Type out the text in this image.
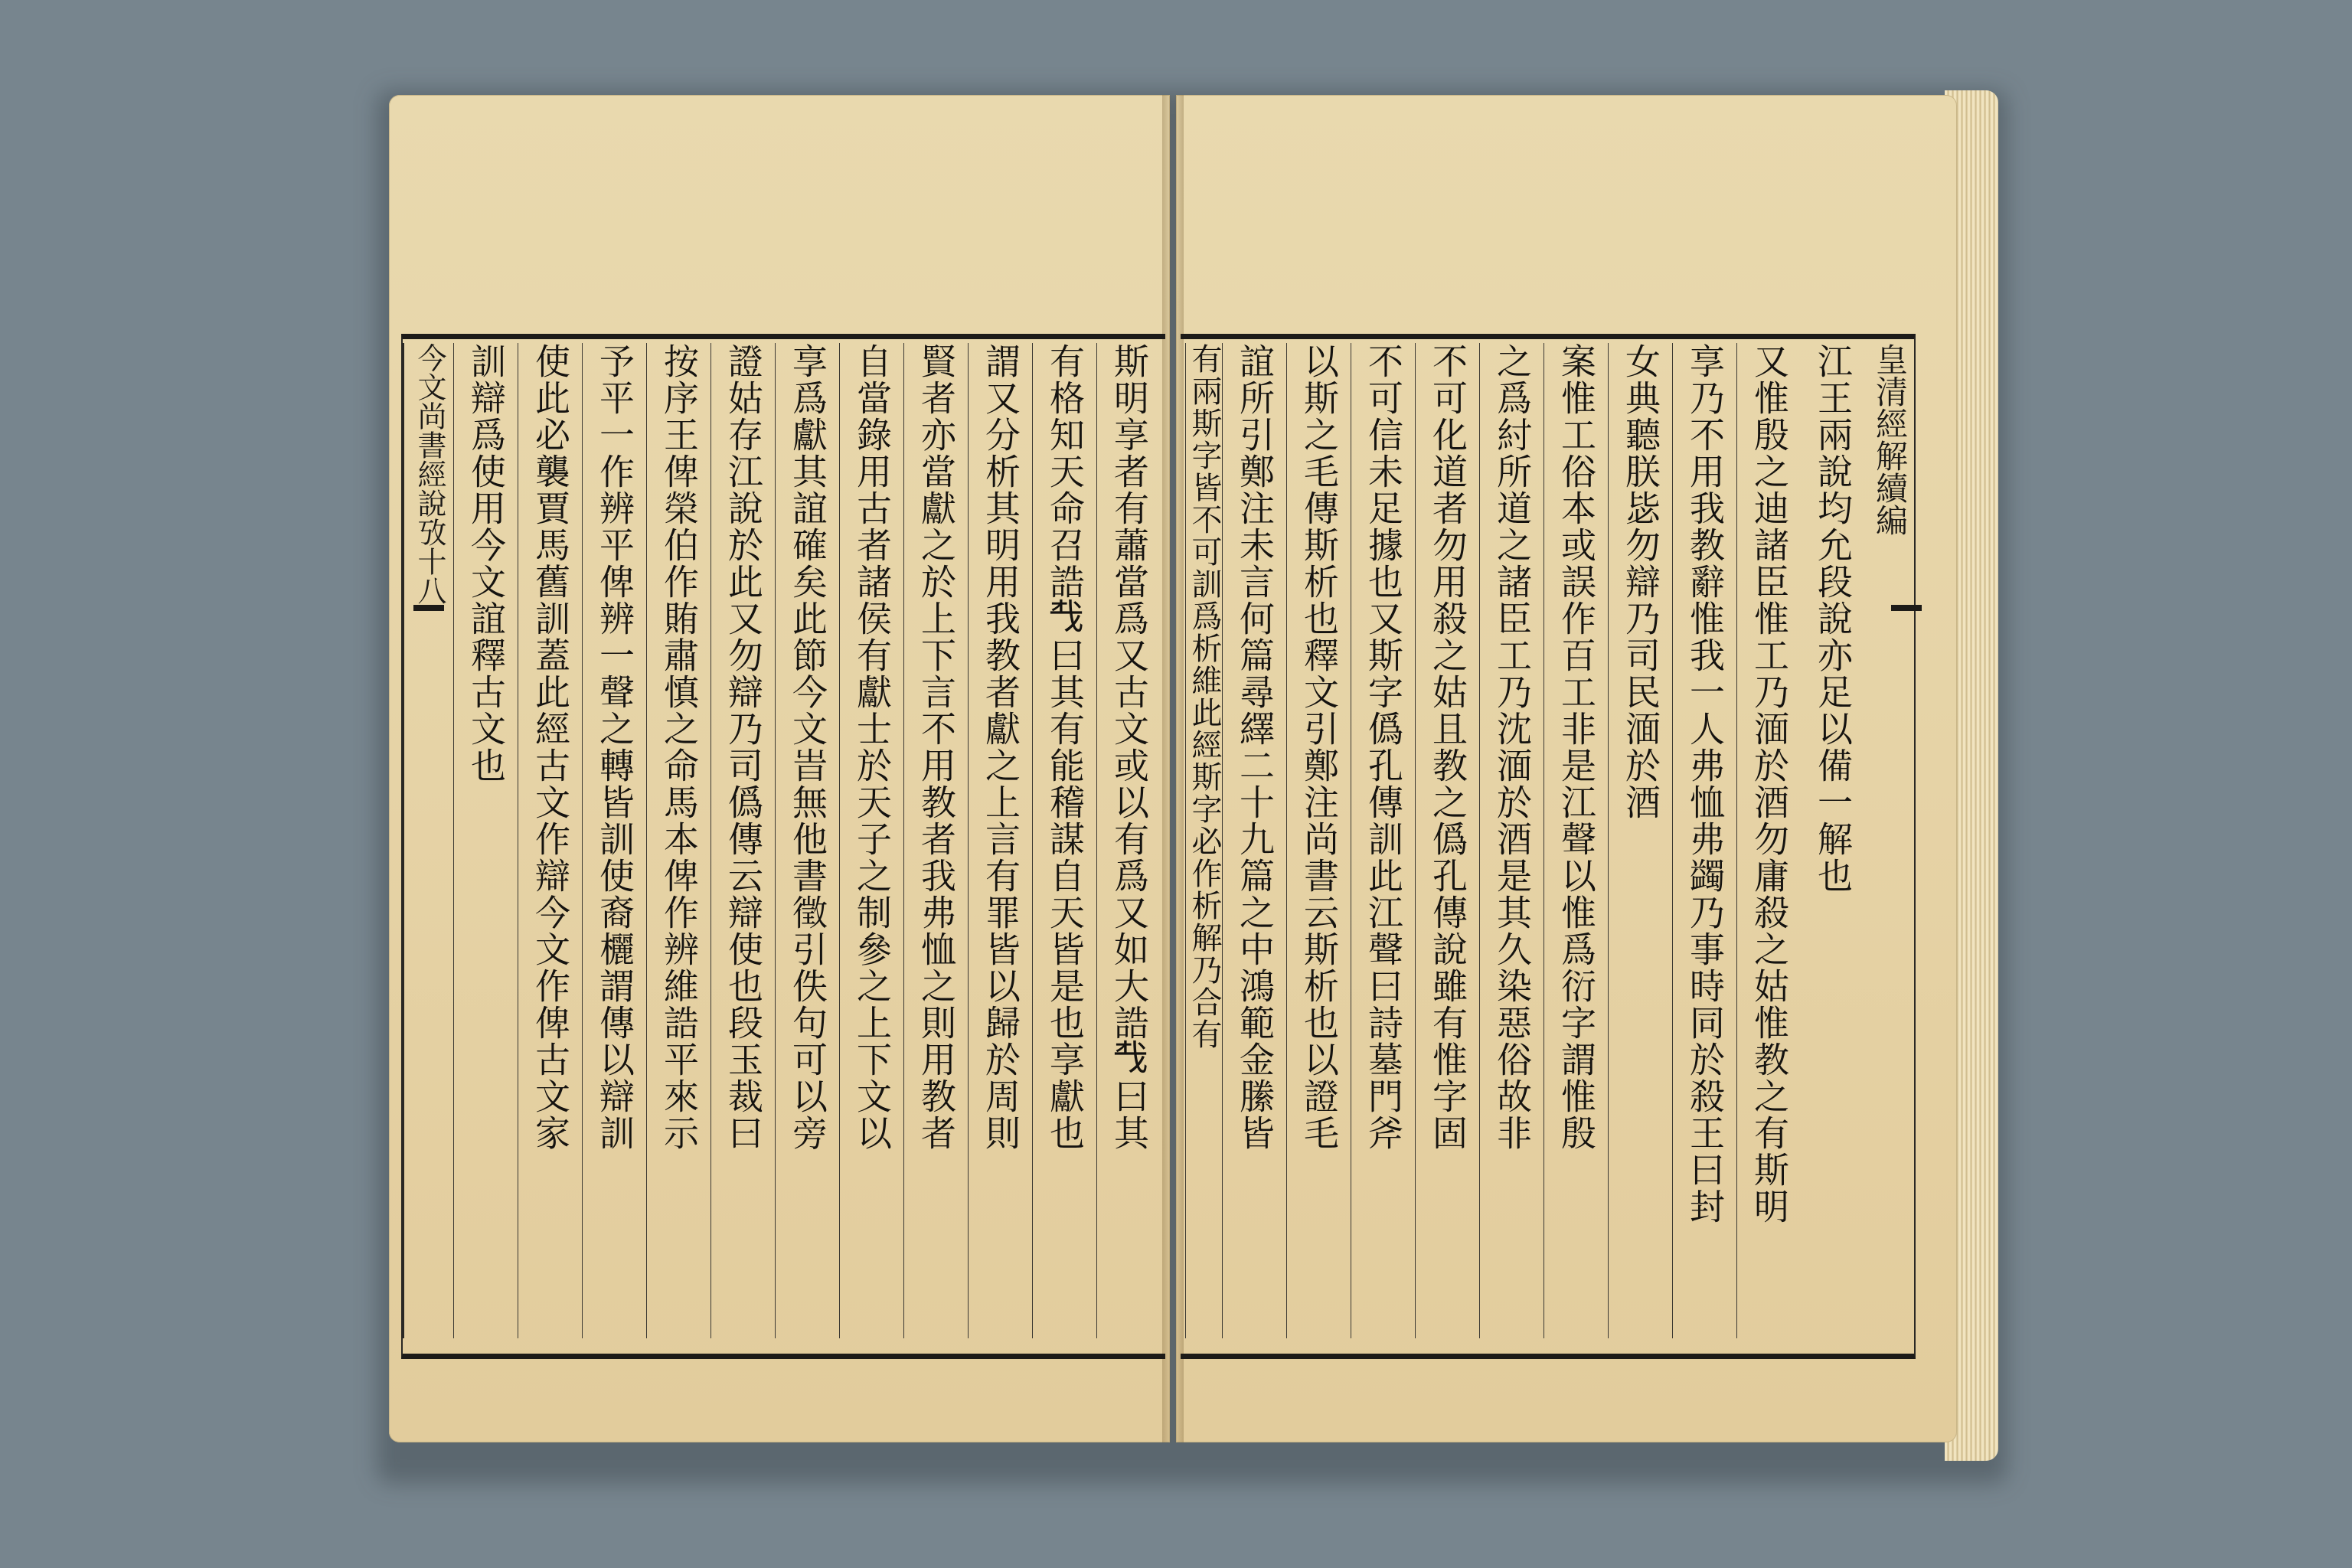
皇清經解續編
江王兩說均允段說亦足以備一解也
又惟殷之迪諸臣惟工乃湎於酒勿庸殺之姑惟教之有斯明
享乃不用我教辭惟我一人弗恤弗蠲乃事時同於殺王曰封
女典聽朕毖勿辯乃司民湎於酒
案惟工俗本或誤作百工非是江聲以惟爲衍字謂惟殷
之爲紂所道之諸臣工乃沈湎於酒是其久染惡俗故非
不可化道者勿用殺之姑且教之僞孔傳說雖有惟字固
不可信未足據也又斯字僞孔傳訓此江聲曰詩墓門斧
以斯之毛傳斯析也釋文引鄭注尚書云斯析也以證毛
誼所引鄭注未言何篇尋繹二十九篇之中鴻範金縢皆
有兩斯字皆不可訓爲析維此經斯字必作析解乃合有
斯明享者有蕭當爲又古文或以有爲又如大誥𢦔曰其
有格知天命召誥𢦔曰其有能稽謀自天皆是也享獻也
謂又分析其明用我教者獻之上言有罪皆以歸於周則
賢者亦當獻之於上下言不用教者我弗恤之則用教者
自當錄用古者諸侯有獻士於天子之制參之上下文以
享爲獻其誼確矣此節今文旹無他書徵引佚句可以旁
證姑存江說於此又勿辯乃司僞傳云辯使也段玉裁曰
按序王俾榮伯作賄肅慎之命馬本俾作辨維誥平來示
予平一作辨平俾辨一聲之轉皆訓使裔欐謂傳以辯訓
使此必襲賈馬舊訓蓋此經古文作辯今文作俾古文家
訓辯爲使用今文誼釋古文也
今文尚書經說攷十八
